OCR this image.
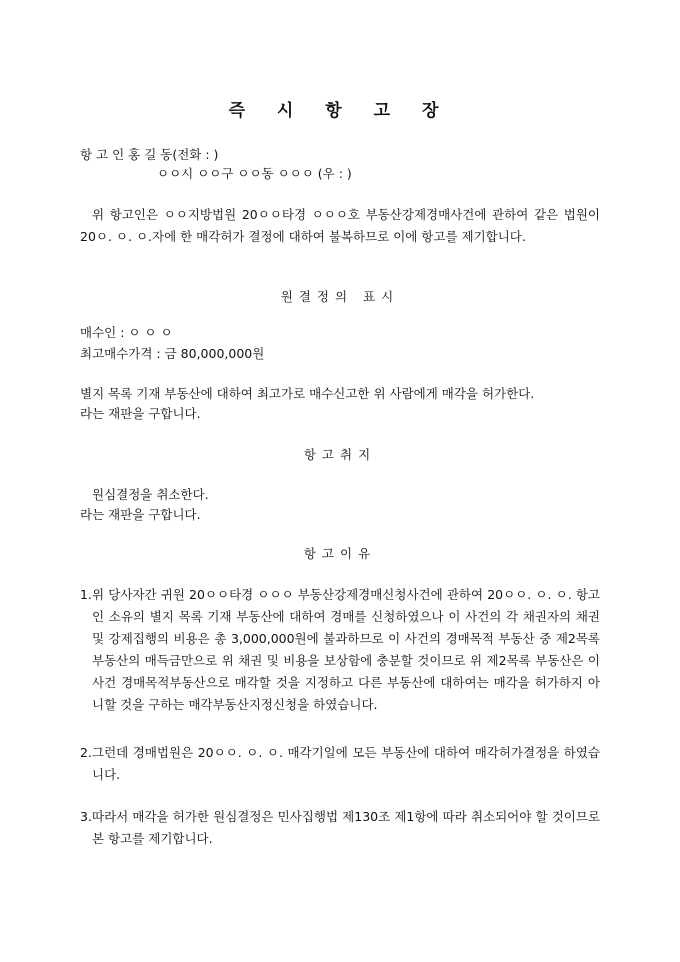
즉 시 항 고 장
항 고 인 홍 길 동(전화 : )
ㅇㅇ시 ㅇㅇ구 ㅇㅇ동 ㅇㅇㅇ (우 : )
위 항고인은 ㅇㅇ지방법원 20ㅇㅇ타경 ㅇㅇㅇ호 부동산강제경매사건에 관하여 같은 법원이 20ㅇ. ㅇ. ㅇ.자에 한 매각허가 결정에 대하여 불복하므로 이에 항고를 제기합니다.
원결정의 표시
매수인 : ㅇ ㅇ ㅇ
최고매수가격 : 금 80,000,000원
별지 목록 기재 부동산에 대하여 최고가로 매수신고한 위 사람에게 매각을 허가한다.
라는 재판을 구합니다.
항고취지
원심결정을 취소한다.
라는 재판을 구합니다.
항고이유
1. 위 당사자간 귀원 20ㅇㅇ타경 ㅇㅇㅇ 부동산강제경매신청사건에 관하여 20ㅇㅇ. ㅇ. ㅇ. 항고인 소유의 별지 목록 기재 부동산에 대하여 경매를 신청하였으나 이 사건의 각 채권자의 채권 및 강제집행의 비용은 총 3,000,000원에 불과하므로 이 사건의 경매목적 부동산 중 제2목록 부동산의 매득금만으로 위 채권 및 비용을 보상함에 충분할 것이므로 위 제2목록 부동산은 이 사건 경매목적부동산으로 매각할 것을 지정하고 다른 부동산에 대하여는 매각을 허가하지 아니할 것을 구하는 매각부동산지정신청을 하였습니다.
2. 그런데 경매법원은 20ㅇㅇ. ㅇ. ㅇ. 매각기일에 모든 부동산에 대하여 매각허가결정을 하였습니다.
3. 따라서 매각을 허가한 원심결정은 민사집행법 제130조 제1항에 따라 취소되어야 할 것이므로 본 항고를 제기합니다.
